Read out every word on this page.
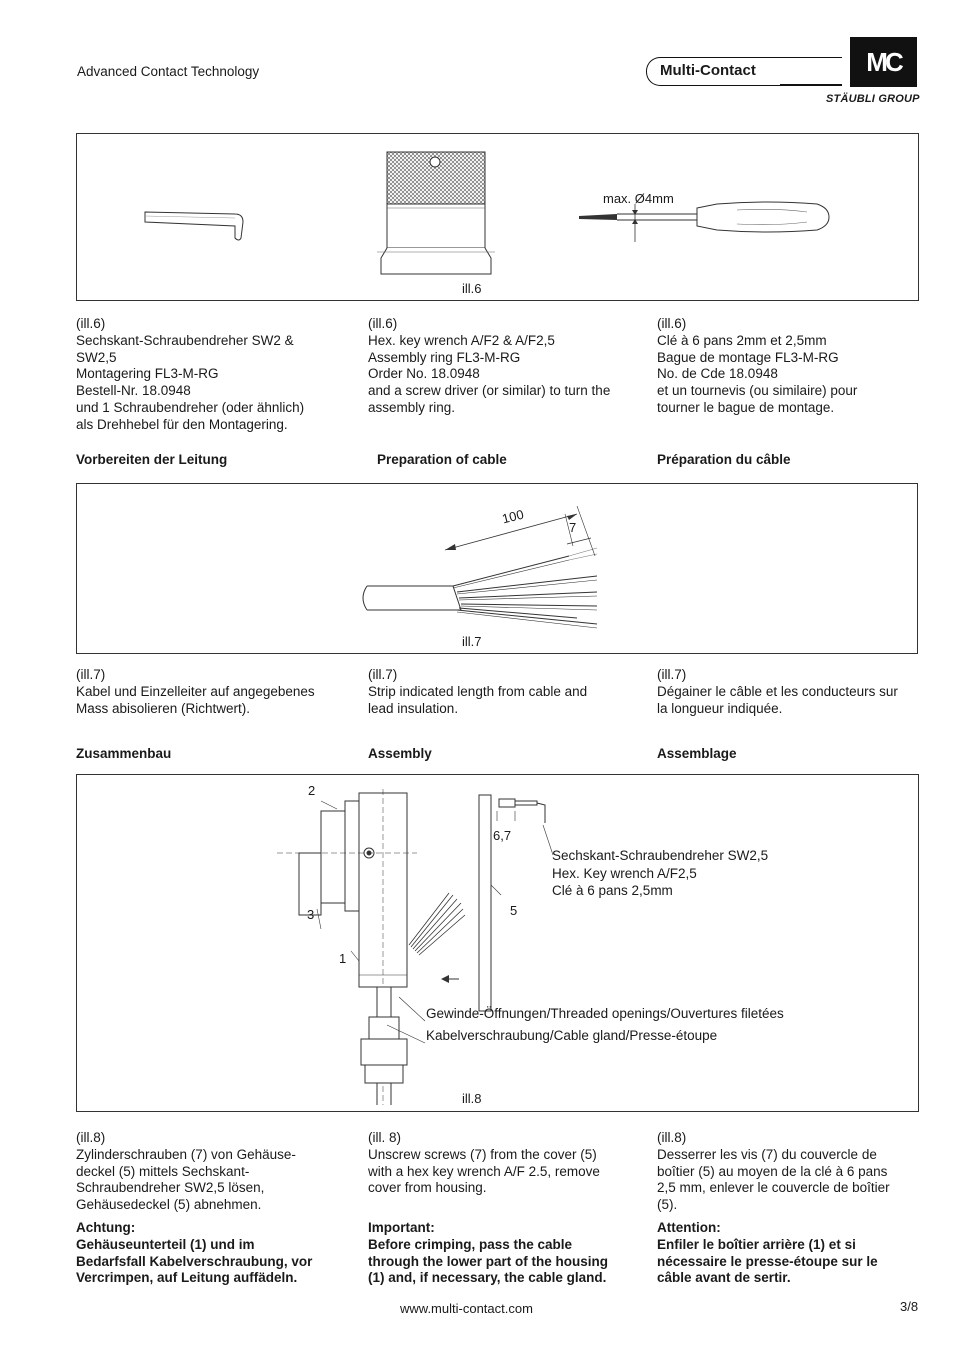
Advanced Contact Technology	Multi-Contact	MC
STÄUBLI GROUP
max. Ø4mm
ill.6
(ill.6)
Sechskant-Schraubendreher SW2 &
SW2,5
Montagering FL3-M-RG
Bestell-Nr. 18.0948
und 1 Schraubendreher (oder ähnlich)
als Drehhebel für den Montagering.
(ill.6)
Hex. key wrench A/F2 & A/F2,5
Assembly ring FL3-M-RG
Order No. 18.0948
and a screw driver (or similar) to turn the
assembly ring.
(ill.6)
Clé à 6 pans 2mm et 2,5mm
Bague de montage FL3-M-RG
No. de Cde 18.0948
et un tournevis (ou similaire) pour
tourner le bague de montage.
Vorbereiten der Leitung	Preparation of cable	Préparation du câble
100
7
ill.7
(ill.7)
Kabel und Einzelleiter auf angegebenes
Mass abisolieren (Richtwert).
(ill.7)
Strip indicated length from cable and
lead insulation.
(ill.7)
Dégainer le câble et les conducteurs sur
la longueur indiquée.
Zusammenbau	Assembly	Assemblage
2
3
1
5
6,7
Sechskant-Schraubendreher SW2,5
Hex. Key wrench A/F2,5
Clé à 6 pans 2,5mm
Gewinde-Öffnungen/Threaded openings/Ouvertures filetées
Kabelverschraubung/Cable gland/Presse-étoupe
ill.8
(ill.8)
Zylinderschrauben (7) von Gehäuse-
deckel (5) mittels Sechskant-
Schraubendreher SW2,5 lösen,
Gehäusedeckel (5) abnehmen.
(ill. 8)
Unscrew screws (7) from the cover (5)
with a hex key wrench A/F 2.5, remove
cover from housing.
(ill.8)
Desserrer les vis (7) du couvercle de
boîtier (5) au moyen de la clé à 6 pans
2,5 mm, enlever le couvercle de boîtier
(5).
Achtung:
Gehäuseunterteil (1) und im
Bedarfsfall Kabelverschraubung, vor
Vercrimpen, auf Leitung auffädeln.
Important:
Before crimping, pass the cable
through the lower part of the housing
(1) and, if necessary, the cable gland.
Attention:
Enfiler le boîtier arrière (1) et si
nécessaire le presse-étoupe sur le
câble avant de sertir.
www.multi-contact.com	3/8
